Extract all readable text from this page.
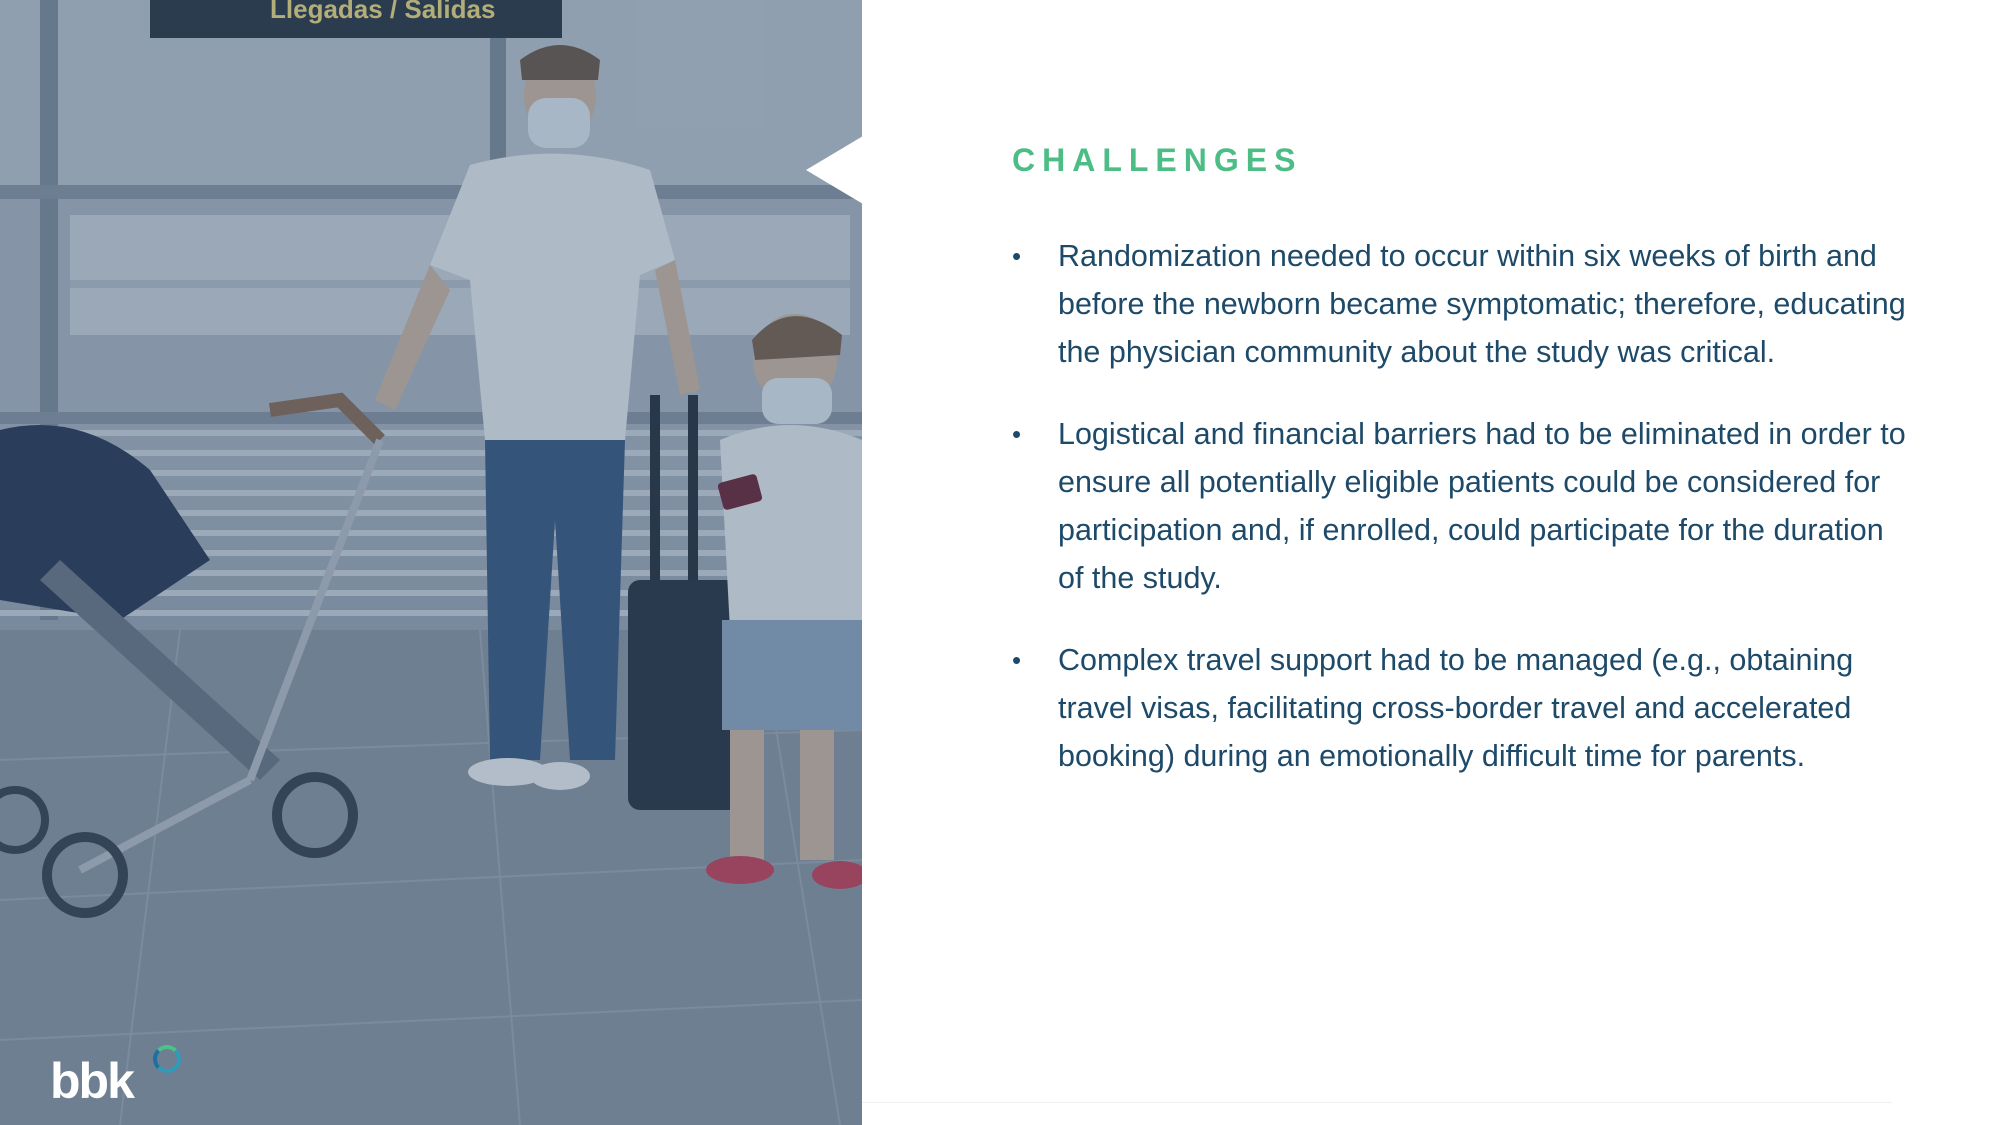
Llegadas / Salidas
bbk
CHALLENGES
• Randomization needed to occur within six weeks of birth and before the newborn became symptomatic; therefore, educating the physician community about the study was critical.
• Logistical and financial barriers had to be eliminated in order to ensure all potentially eligible patients could be considered for participation and, if enrolled, could participate for the duration of the study.
• Complex travel support had to be managed (e.g., obtaining travel visas, facilitating cross-border travel and accelerated booking) during an emotionally difficult time for parents.
